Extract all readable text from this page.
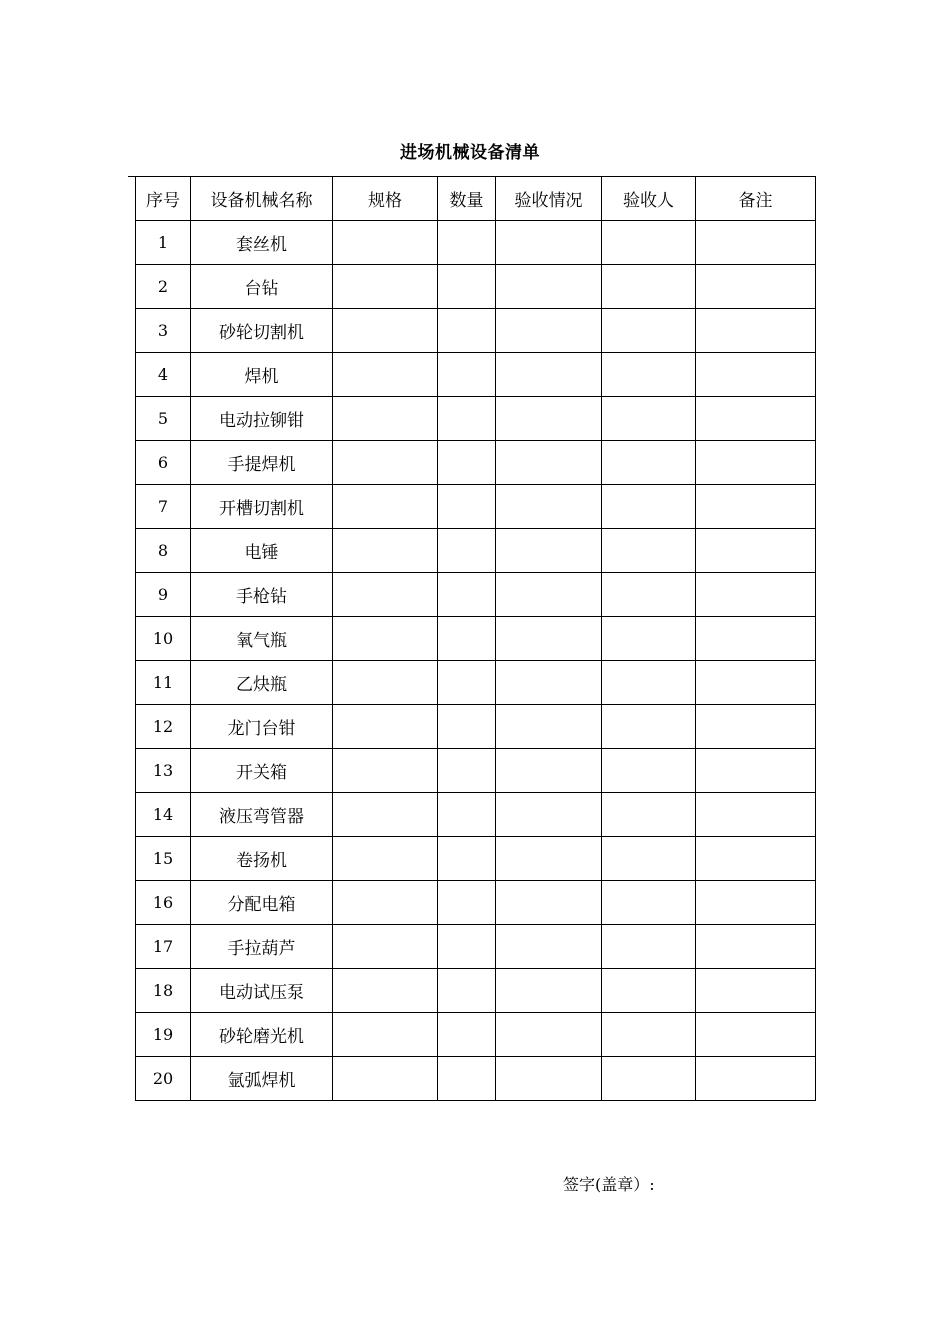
进场机械设备清单
序号	设备机械名称	规格	数量	验收情况	验收人	备注
1	套丝机					
2	台钻					
3	砂轮切割机					
4	焊机					
5	电动拉铆钳					
6	手提焊机					
7	开槽切割机					
8	电锤					
9	手枪钻					
10	氧气瓶					
11	乙炔瓶					
12	龙门台钳					
13	开关箱					
14	液压弯管器					
15	卷扬机					
16	分配电箱					
17	手拉葫芦					
18	电动试压泵					
19	砂轮磨光机					
20	氩弧焊机					
签字(盖章）:
